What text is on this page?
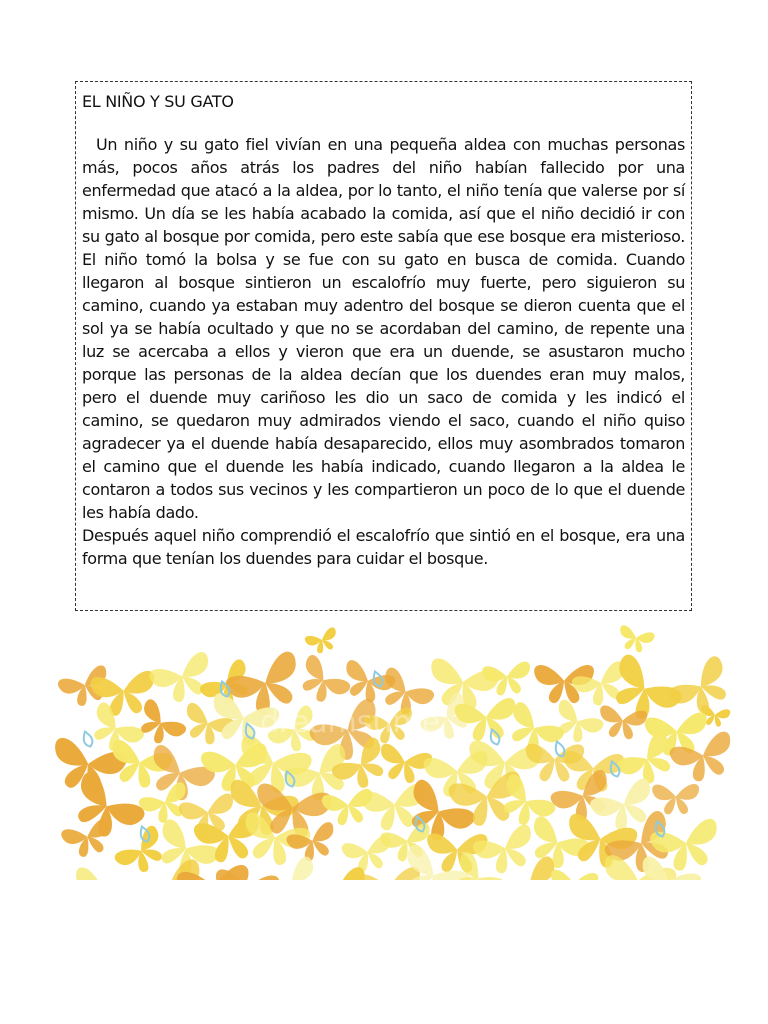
EL NIÑO Y SU GATO

Un niño y su gato fiel vivían en una pequeña aldea con muchas personas más, pocos años atrás los padres del niño habían fallecido por una enfermedad que atacó a la aldea, por lo tanto, el niño tenía que valerse por sí mismo. Un día se les había acabado la comida, así que el niño decidió ir con su gato al bosque por comida, pero este sabía que ese bosque era misterioso. El niño tomó la bolsa y se fue con su gato en busca de comida. Cuando llegaron al bosque sintieron un escalofrío muy fuerte, pero siguieron su camino, cuando ya estaban muy adentro del bosque se dieron cuenta que el sol ya se había ocultado y que no se acordaban del camino, de repente una luz se acercaba a ellos y vieron que era un duende, se asustaron mucho porque las personas de la aldea decían que los duendes eran muy malos, pero el duende muy cariñoso les dio un saco de comida y les indicó el camino, se quedaron muy admirados viendo el saco, cuando el niño quiso agradecer ya el duende había desaparecido, ellos muy asombrados tomaron el camino que el duende les había indicado, cuando llegaron a la aldea le contaron a todos sus vecinos y les compartieron un poco de lo que el duende les había dado.

Después aquel niño comprendió el escalofrío que sintió en el bosque, era una forma que tenían los duendes para cuidar el bosque.

dreamstime
